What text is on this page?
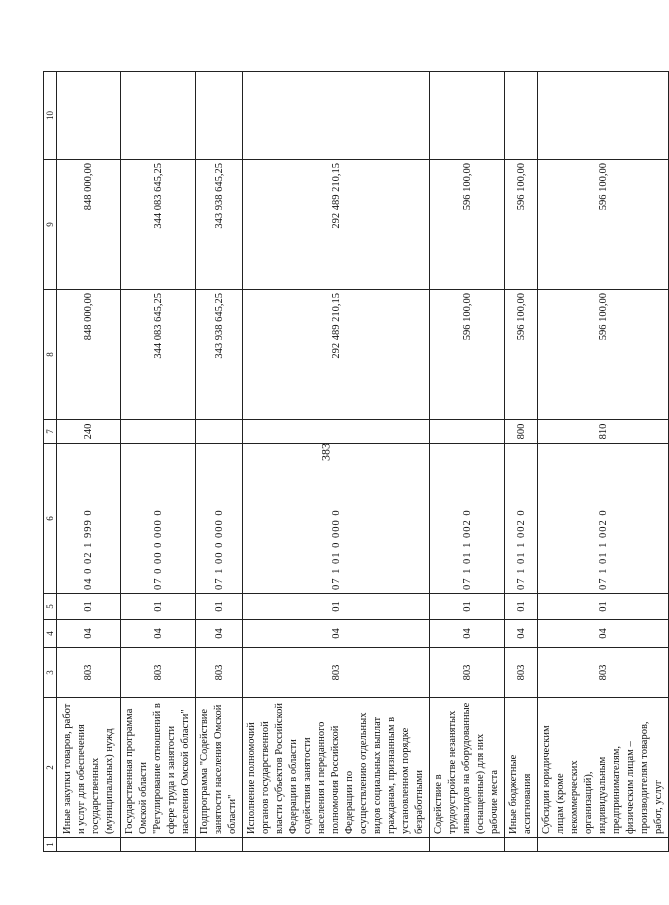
383
1	2	3	4	5	6	7	8	9	10
	Иные закупки товаров, работ и услуг для обеспечения государственных (муниципальных) нужд	803	04	01	04 0 02 1 999 0	240	848 000,00	848 000,00	
	Государственная программа Омской области "Регулирование отношений в сфере труда и занятости населения Омской области"	803	04	01	07 0 00 0 000 0		344 083 645,25	344 083 645,25	
	Подпрограмма "Содействие занятости населения Омской области"	803	04	01	07 1 00 0 000 0		343 938 645,25	343 938 645,25	
	Исполнение полномочий органов государственной власти субъектов Российской Федерации в области содействия занятости населения и переданного полномочия Российской Федерации по осуществлению отдельных видов социальных выплат гражданам, признанным в установленном порядке безработными	803	04	01	07 1 01 0 000 0		292 489 210,15	292 489 210,15	
	Содействие в трудоустройстве незанятых инвалидов на оборудованные (оснащенные) для них рабочие места	803	04	01	07 1 01 1 002 0		596 100,00	596 100,00	
	Иные бюджетные ассигнования	803	04	01	07 1 01 1 002 0	800	596 100,00	596 100,00	
	Субсидии юридическим лицам (кроме некоммерческих организаций), индивидуальным предпринимателям, физическим лицам – производителям товаров, работ, услуг	803	04	01	07 1 01 1 002 0	810	596 100,00	596 100,00	
